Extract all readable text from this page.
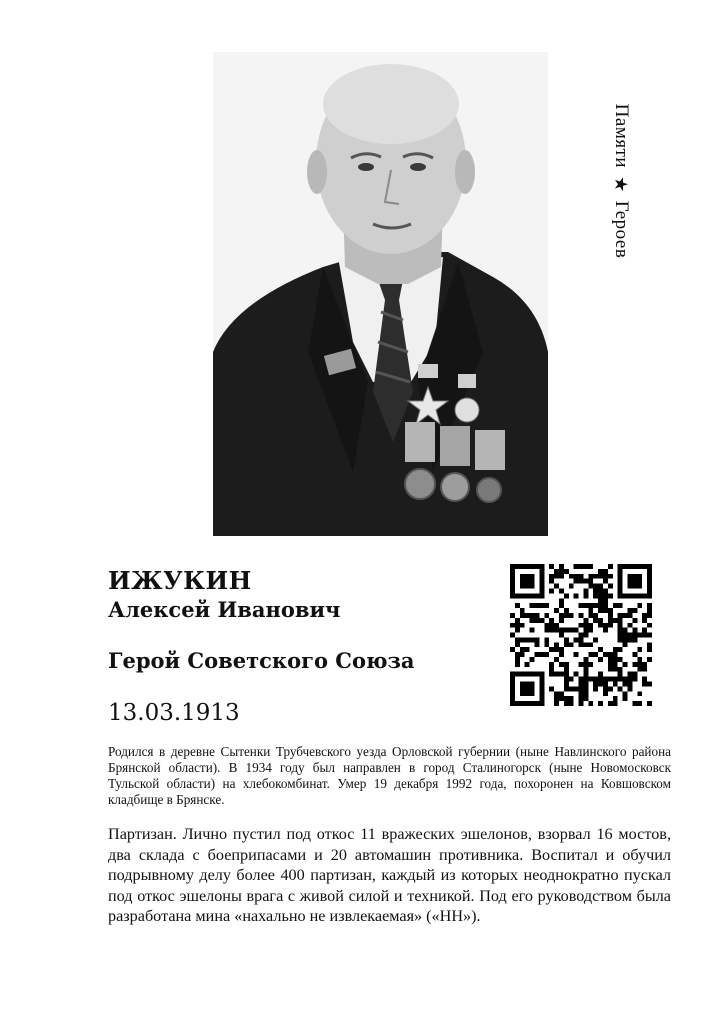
Памяти
★
Героев
ИЖУКИН
Алексей Иванович
Герой Советского Союза
13.03.1913

Родился в деревне Сытенки Трубчевского уезда Орловской губернии (ныне Навлинского района Брянской области). В 1934 году был направлен в город Сталиногорск (ныне Новомосковск Тульской области) на хлебокомбинат. Умер 19 декабря 1992 года, похоронен на Ковшовском кладбище в Брянске.

Партизан. Лично пустил под откос 11 вражеских эшелонов, взорвал 16 мостов, два склада с боеприпасами и 20 автомашин противника. Воспитал и обучил подрывному делу более 400 партизан, каждый из которых неоднократно пускал под откос эшелоны врага с живой силой и техникой. Под его руководством была разработана мина «нахально не извлекаемая» («НН»).
